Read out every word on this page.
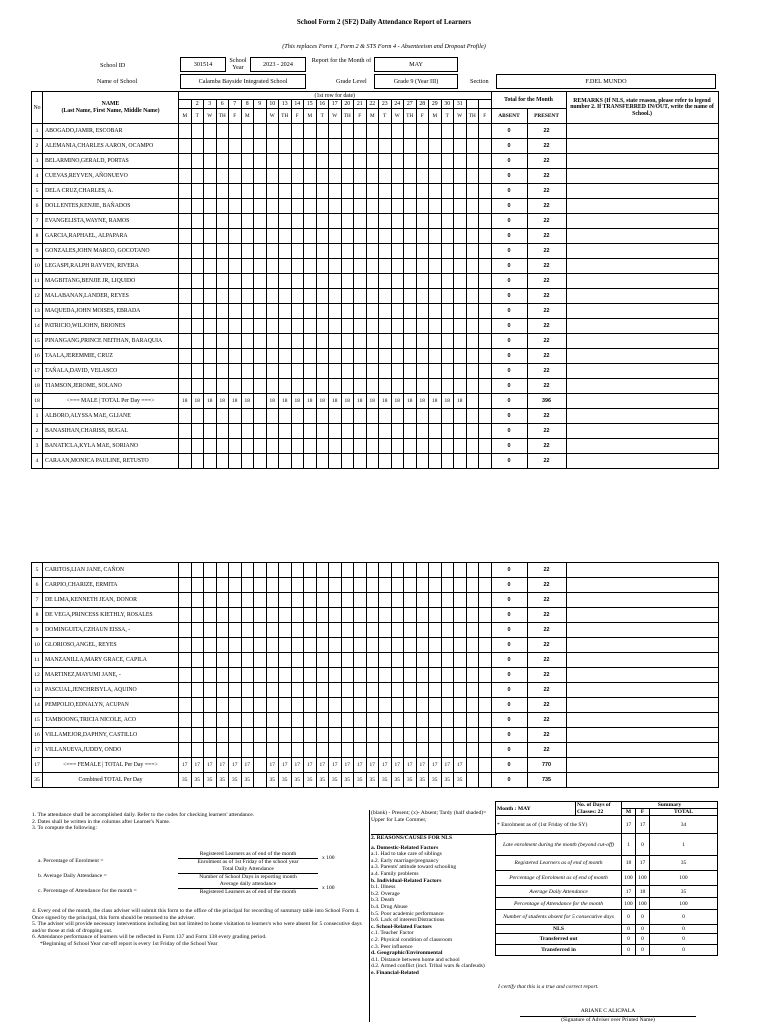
School Form 2 (SF2) Daily Attendance Report of Learners
(This replaces Form 1, Form 2 & STS Form 4 - Absenteeism and Dropout Profile)
School ID	301514
School Year	2023 - 2024
Report for the Month of
MAY
Name of School	Calamba Bayside Integrated School	Grade Level	Grade 9 (Year III)	Section	F.DEL MUNDO
No	NAME
(Last Name, First Name, Middle Name)	(1st row for date)																									Total for the Month		REMARKS (If NLS, state reason, please refer to legend number 2. If TRANSFERRED IN/OUT, write the name of School.)
			2	3	6	7	8	9	10	13	14	15	16	17	20	21	22	23	24	27	28	29	30	31					
		M	T	W	TH	F	M		W	TH	F	M	T	W	TH	F	M	T	W	TH	F	M	T	W	TH	F	ABSENT	PRESENT	
1	ABOGADO,JAMIR, ESCOBAR																										0	22	
2	ALEMANIA,CHARLES AARON, OCAMPO																										0	22	
3	BELARMINO,GERALD, PORTAS																										0	22	
4	CUEVAS,REYVEN, AÑONUEVO																										0	22	
5	DELA CRUZ,CHARLES, A.																										0	22	
6	DOLLENTES,KENJIE, BAÑADOS																										0	22	
7	EVANGELISTA,WAYNE, RAMOS																										0	22	
8	GARCIA,RAPHAEL, ALPAPARA																										0	22	
9	GONZALES,JOHN MARCO, GOCOTANO																										0	22	
10	LEGASPI,RALPH RAYVEN, RIVERA																										0	22	
11	MAGBITANG,BENJIE JR, LIQUIDO																										0	22	
12	MALABANAN,LANDER, REYES																										0	22	
13	MAQUEDA,JOHN MOISES, EBRADA																										0	22	
14	PATRICIO,WILJOHN, BRIONES																										0	22	
15	PINANGANG,PRINCE NEITHAN, BARAQUIA																										0	22	
16	TAALA,JEREMMIE, CRUZ																										0	22	
17	TAÑALA,DAVID, VELASCO																										0	22	
18	TIAMSON,JEROME, SOLANO																										0	22	
18	<=== MALE | TOTAL Per Day ===>	18	18	18	18	18	18		18	18	18	18	18	18	18	18	18	18	18	18	18	18	18	18			0	396	
1	ALBORO,ALYSSA MAE, GLIANE																										0	22	
2	BANASIHAN,CHARISS, BUGAL																										0	22	
3	BANATICLA,KYLA MAE, SORIANO																										0	22	
4	CARAAN,MONICA PAULINE, RETUSTO																										0	22	
5	CARITOS,LIAN JANE, CAÑON																										0	22	
6	CARPIO,CHARIZE, ERMITA																										0	22	
7	DE LIMA,KENNETH JEAN, DONOR																										0	22	
8	DE VEGA,PRINCESS KIETHLY, ROSALES																										0	22	
9	DOMINGUITA,CZHAUN EISSA, -																										0	22	
10	GLORIOSO,ANGEL, REYES																										0	22	
11	MANZANILLA,MARY GRACE, CAPILA																										0	22	
12	MARTINEZ,MAYUMI JANE, -																										0	22	
13	PASCUAL,JENCHRISYLA, AQUINO																										0	22	
14	PEMPOLIO,EDNALYN, ACUPAN																										0	22	
15	TAMBOONG,TRICIA NICOLE, ACO																										0	22	
16	VILLAMEJOR,DAPHNY, CASTILLO																										0	22	
17	VILLANUEVA,JUDDY, ONDO																										0	22	
17	<=== FEMALE | TOTAL Per Day ===>	17	17	17	17	17	17		17	17	17	17	17	17	17	17	17	17	17	17	17	17	17	17			0	770	
35	Combined TOTAL Per Day	35	35	35	35	35	35		35	35	35	35	35	35	35	35	35	35	35	35	35	35	35	35			0	735	
1. The attendance shall be accomplished daily. Refer to the codes for checking learners' attendance.
2. Dates shall be written in the columns after Learner's Name.
3. To compute the following:
a. Percentage of Enrolment =
Registered Learners as of end of the month
Enrolment as of 1st Friday of the school year
x 100
b. Average Daily Attendance =
Total Daily Attendance
Number of School Days in reporting month
c. Percentage of Attendance for the month =
Average daily attendance
Registered Learners as of end of the month
x 100
4. Every end of the month, the class adviser will submit this form to the office of the principal for recording of summary table into School Form 4. Once signed by the principal, this form should be returned to the adviser.
5. The adviser will provide necessary interventions including but not limited to home visitation to learner/s who were absent for 5 consecutive days and/or those at risk of dropping out.
6. Attendance performance of learners will be reflected in Form 137 and Form 138 every grading period.
*Beginning of School Year cut-off report is every 1st Friday of the School Year
(blank) - Present; (x)- Absent; Tardy (half shaded)= Upper for Late Commer,
2. REASONS/CAUSES FOR NLS
a. Domestic-Related Factors
a.1. Had to take care of siblings
a.2. Early marriage/pregnancy
a.3. Parents' attitude toward schooling
a.4. Family problems
b. Individual-Related Factors
b.1. Illness
b.2. Overage
b.3. Death
b.4. Drug Abuse
b.5. Poor academic performance
b.6. Lack of interest/Distractions
c. School-Related Factors
c.1. Teacher Factor
c.2. Physical condition of classroom
c.3. Peer influence
d. Geographic/Environmental
d.1. Distance between home and school
d.2. Armed conflict (incl. Tribal wars & clanfeuds)
e. Financial-Related
Month : MAY	No. of Days of Classes: 22	Summary		
		M	F	TOTAL
* Enrolment as of (1st Friday of the SY)		17	17	34
Late enrolment during the month (beyond cut-off)		1	0	1
Registered Learners as of end of month		18	17	35
Percentage of Enrolment as of end of month		100	100	100
Average Daily Attendance		17	18	35
Percentage of Attendance for the month		100	100	100
Number of students absent for 5 consecutive days		0	0	0
NLS		0	0	0
Transferred out		0	0	0
Transferred in		0	0	0
I certify that this is a true and correct report.
ARIANE C ALICPALA
(Signature of Adviser over Printed Name)
